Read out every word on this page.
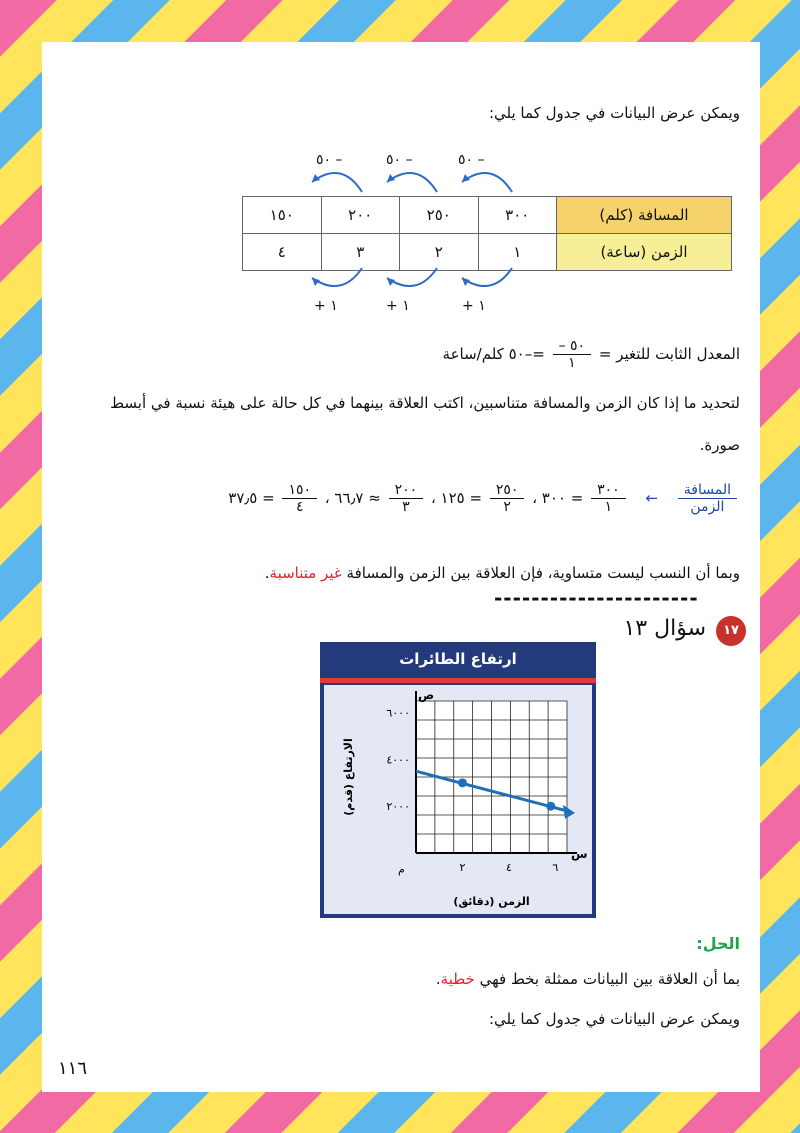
ويمكن عرض البيانات في جدول كما يلي:
٥٠ –	٥٠ –	٥٠ –
١٥٠	٢٠٠	٢٥٠	٣٠٠	المسافة (كلم)
٤	٣	٢	١	الزمن (ساعة)
+ ١	+ ١	+ ١
المعدل الثابت للتغير =
$\frac{٥٠ -}{١}$
=–٥٠ كلم/ساعة
لتحديد ما إذا كان الزمن والمسافة متناسبين، اكتب العلاقة بينهما في كل حالة على هيئة نسبة في أبسط
صورة.
$\frac{\text{المسافة}}{\text{الزمن}}$
←
$\frac{٣٠٠}{١}$
= ٣٠٠ ،
$\frac{٢٥٠}{٢}$
= ١٢٥ ،
$\frac{٢٠٠}{٣}$
≈ ٦٦٫٧ ،
$\frac{١٥٠}{٤}$
= ٣٧٫٥
وبما أن النسب ليست متساوية، فإن العلاقة بين الزمن والمسافة غير متناسبة.
----------------------
١٧
سؤال ١٣
ارتفاع الطائرات
٢	٤	٦
٢٠٠٠
٤٠٠٠
٦٠٠٠
م
ص
س
الارتفاع (قدم)
الزمن (دقائق)
الحل:
بما أن العلاقة بين البيانات ممثلة بخط فهي خطية.
ويمكن عرض البيانات في جدول كما يلي:
١١٦
